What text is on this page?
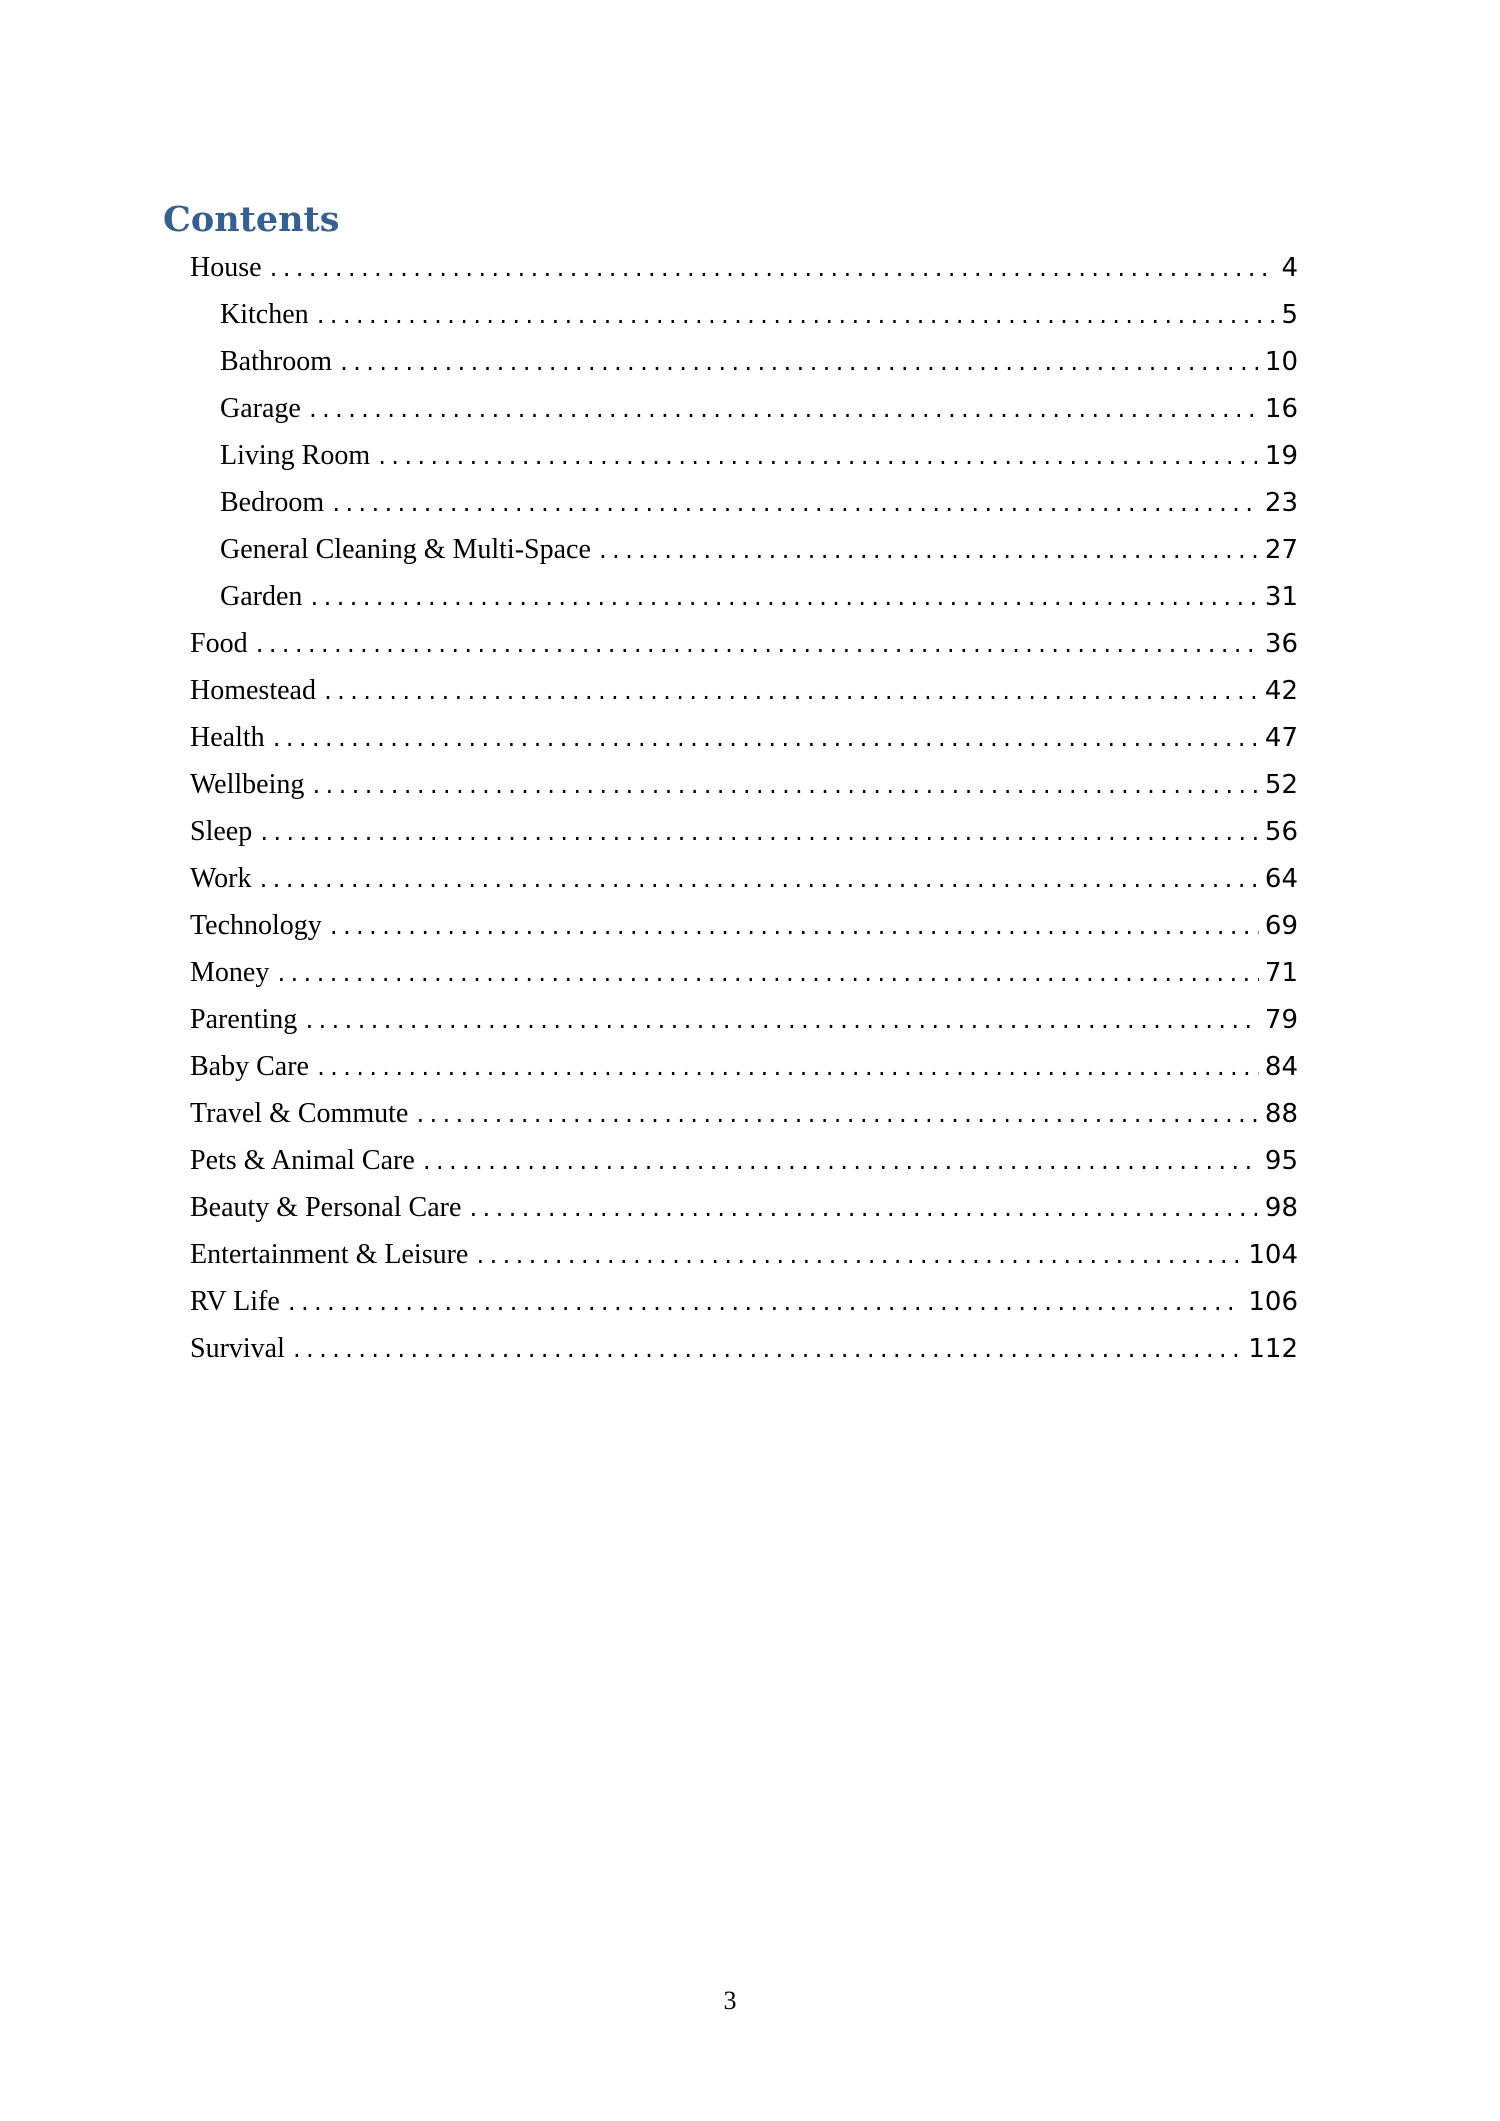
Contents
House .....	4
Kitchen .....	5
Bathroom .....	10
Garage .....	16
Living Room .....	19
Bedroom .....	23
General Cleaning & Multi-Space .....	27
Garden .....	31
Food .....	36
Homestead .....	42
Health .....	47
Wellbeing .....	52
Sleep .....	56
Work .....	64
Technology .....	69
Money .....	71
Parenting .....	79
Baby Care .....	84
Travel & Commute .....	88
Pets & Animal Care .....	95
Beauty & Personal Care .....	98
Entertainment & Leisure .....	104
RV Life .....	106
Survival .....	112
3
